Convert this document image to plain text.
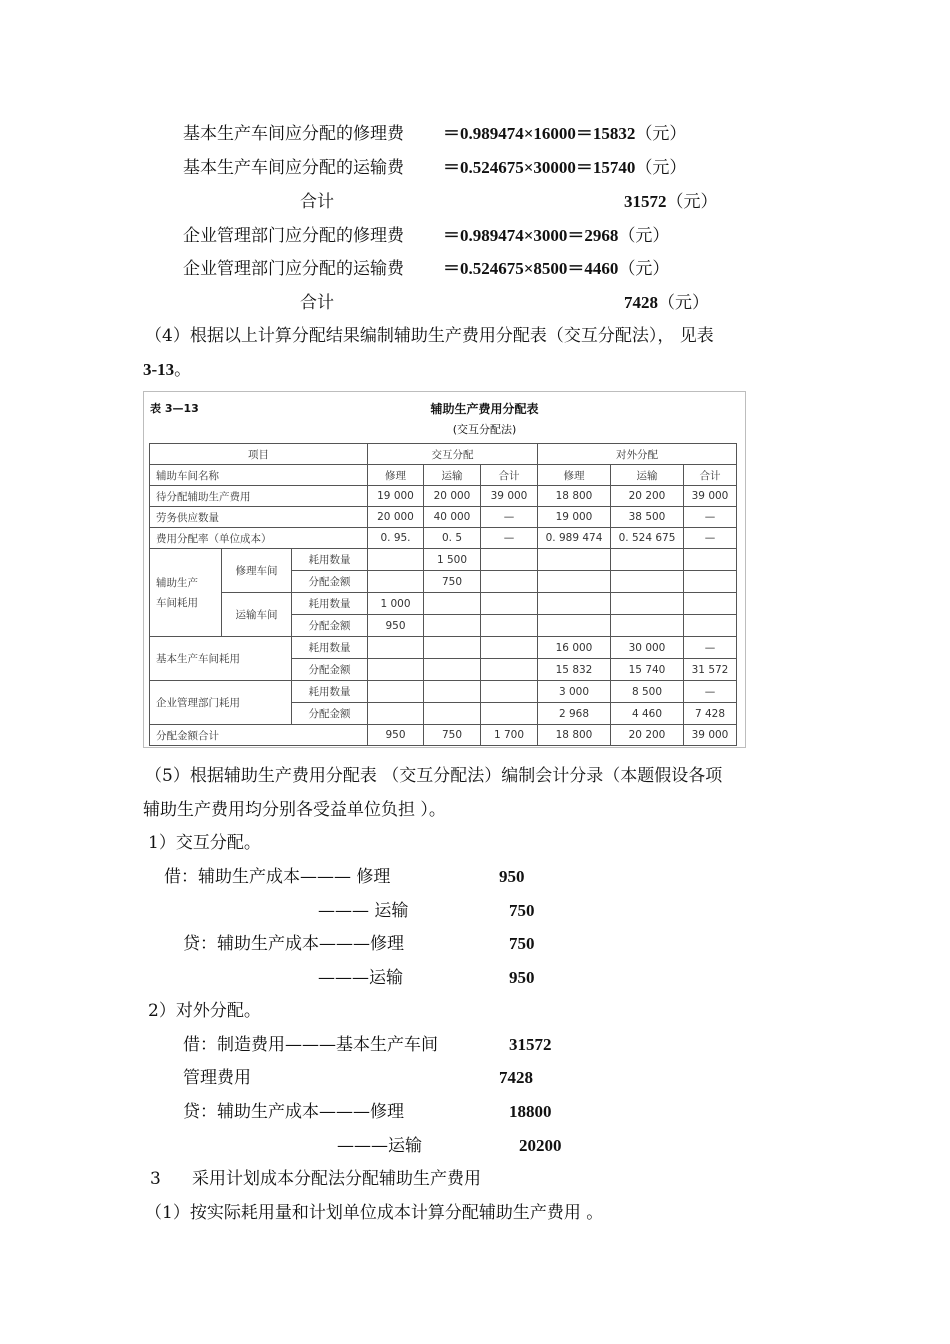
基本生产车间应分配的修理费 ＝0.989474×16000＝15832（元）
基本生产车间应分配的运输费 ＝0.524675×30000＝15740（元）
合计	31572（元）
企业管理部门应分配的修理费 ＝0.989474×3000＝2968（元）
企业管理部门应分配的运输费 ＝0.524675×8500＝4460（元）
合计	7428（元）
（4）根据以上计算分配结果编制辅助生产费用分配表（交互分配法）， 见表
3-13。
表 3—13	辅助生产费用分配表
(交互分配法)
项目			交互分配			对外分配		
辅助车间名称			修理	运输	合计	修理	运输	合计
待分配辅助生产费用			19 000	20 000	39 000	18 800	20 200	39 000
劳务供应数量			20 000	40 000	—	19 000	38 500	—
费用分配率（单位成本）			0. 95.	0. 5	—	0. 989 474	0. 524 675	—
辅助生产
车间耗用	修理车间	耗用数量		1 500				
		分配金额		750				
	运输车间	耗用数量	1 000					
		分配金额	950					
基本生产车间耗用		耗用数量				16 000	30 000	—
		分配金额				15 832	15 740	31 572
企业管理部门耗用		耗用数量				3 000	8 500	—
		分配金额				2 968	4 460	7 428
分配金额合计			950	750	1 700	18 800	20 200	39 000
（5）根据辅助生产费用分配表 （交互分配法）编制会计分录（本题假设各项
辅助生产费用均分别各受益单位负担 ）。
1）交互分配。
借：辅助生产成本——— 修理	950
——— 运输	750
贷：辅助生产成本———修理	750
———运输	950
2）对外分配。
借：制造费用———基本生产车间	31572
管理费用	7428
贷：辅助生产成本———修理	18800
———运输	20200
3 采用计划成本分配法分配辅助生产费用
（1）按实际耗用量和计划单位成本计算分配辅助生产费用 。
